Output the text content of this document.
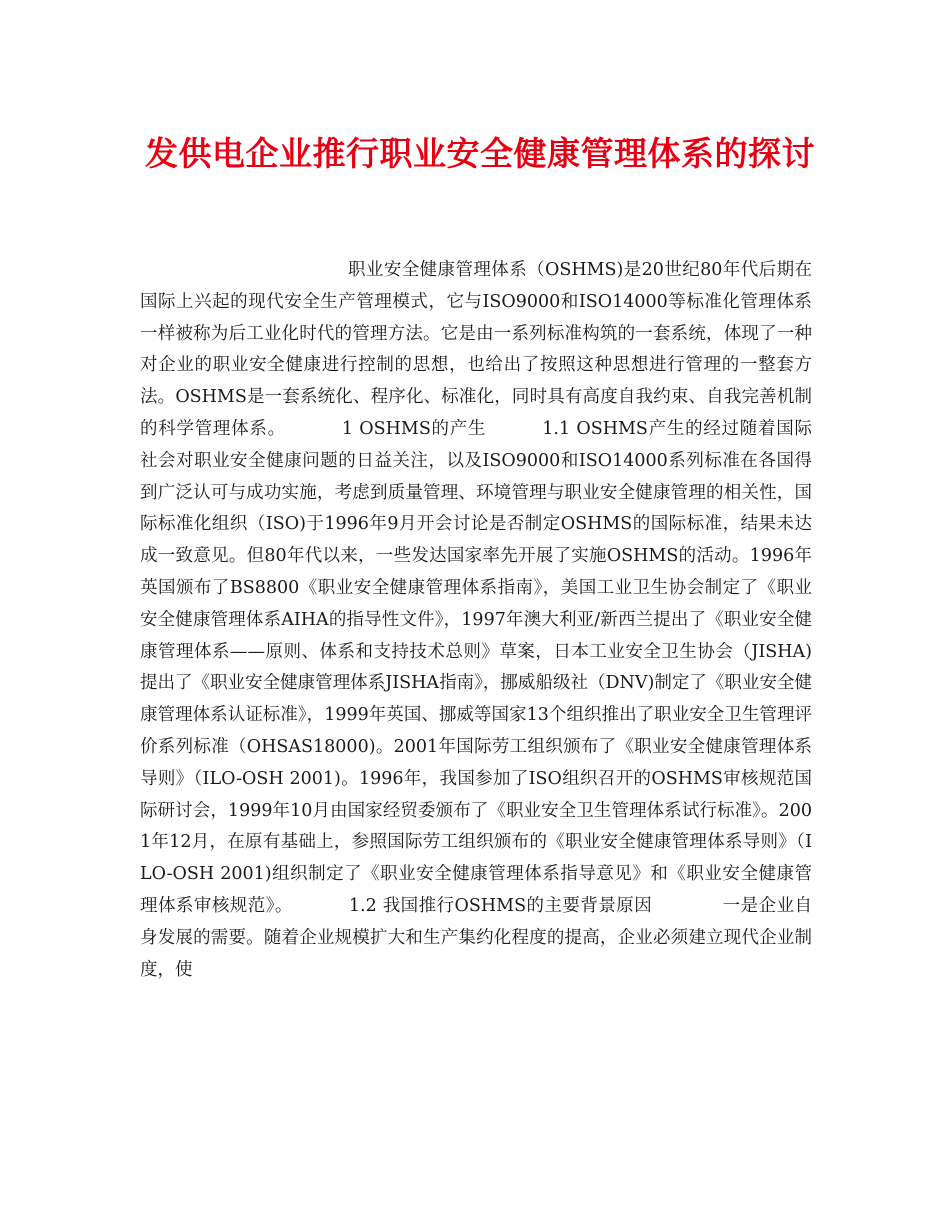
发供电企业推行职业安全健康管理体系的探讨
职业安全健康管理体系（OSHMS)是20世纪80年代后期在国际上兴起的现代安全生产管理模式，它与ISO9000和ISO14000等标准化管理体系一样被称为后工业化时代的管理方法。它是由一系列标准构筑的一套系统，体现了一种对企业的职业安全健康进行控制的思想，也给出了按照这种思想进行管理的一整套方法。OSHMS是一套系统化、程序化、标准化，同时具有高度自我约束、自我完善机制的科学管理体系。	1 OSHMS的产生	1.1 OSHMS产生的经过随着国际社会对职业安全健康问题的日益关注，以及ISO9000和ISO14000系列标准在各国得到广泛认可与成功实施，考虑到质量管理、环境管理与职业安全健康管理的相关性，国际标准化组织（ISO)于1996年9月开会讨论是否制定OSHMS的国际标准，结果未达成一致意见。但80年代以来，一些发达国家率先开展了实施OSHMS的活动。1996年英国颁布了BS8800《职业安全健康管理体系指南》，美国工业卫生协会制定了《职业安全健康管理体系AIHA的指导性文件》，1997年澳大利亚/新西兰提出了《职业安全健康管理体系——原则、体系和支持技术总则》草案，日本工业安全卫生协会（JISHA)提出了《职业安全健康管理体系JISHA指南》，挪威船级社（DNV)制定了《职业安全健康管理体系认证标准》，1999年英国、挪威等国家13个组织推出了职业安全卫生管理评价系列标准（OHSAS18000)。2001年国际劳工组织颁布了《职业安全健康管理体系导则》（ILO-OSH 2001)。1996年，我国参加了ISO组织召开的OSHMS审核规范国际研讨会，1999年10月由国家经贸委颁布了《职业安全卫生管理体系试行标准》。2001年12月，在原有基础上，参照国际劳工组织颁布的《职业安全健康管理体系导则》（ILO-OSH 2001)组织制定了《职业安全健康管理体系指导意见》和《职业安全健康管理体系审核规范》。	1.2 我国推行OSHMS的主要背景原因	一是企业自身发展的需要。随着企业规模扩大和生产集约化程度的提高，企业必须建立现代企业制度，使
